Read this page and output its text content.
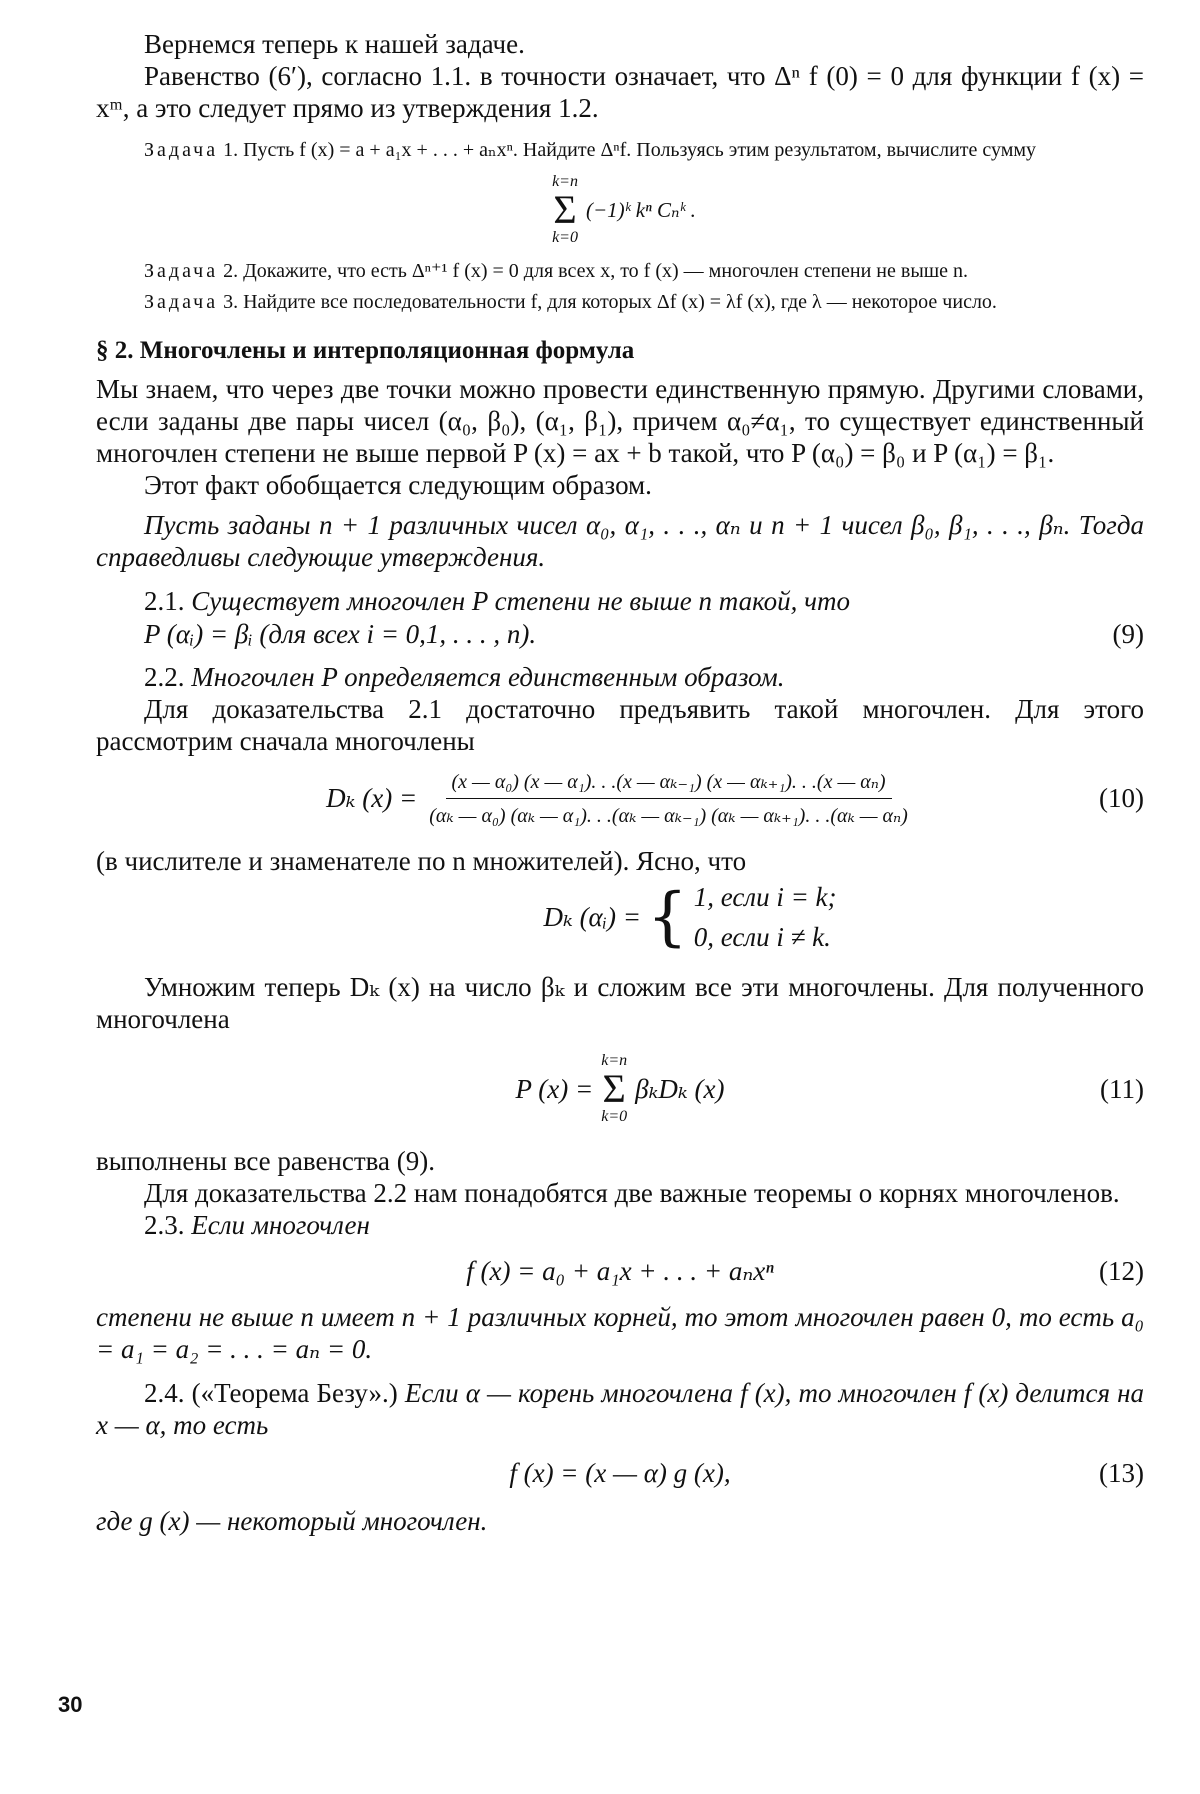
Вернемся теперь к нашей задаче.

Равенство (6′), согласно 1.1. в точности означает, что Δⁿ f (0) = 0 для функции f (x) = xᵐ, а это следует прямо из утверждения 1.2.

Задача 1. Пусть f (x) = a + a₁x + . . . + aₙxⁿ. Найдите Δⁿf. Пользуясь этим результатом, вычислите сумму

k=n
Σ
k=0
(−1)ᵏ kⁿ Cₙᵏ .

Задача 2. Докажите, что есть Δⁿ⁺¹ f (x) = 0 для всех x, то f (x) — многочлен степени не выше n.

Задача 3. Найдите все последовательности f, для которых Δf (x) = λf (x), где λ — некоторое число.

§ 2. Многочлены и интерполяционная формула

Мы знаем, что через две точки можно провести единственную прямую. Другими словами, если заданы две пары чисел (α₀, β₀), (α₁, β₁), причем α₀≠α₁, то существует единственный многочлен степени не выше первой P (x) = ax + b такой, что P (α₀) = β₀ и P (α₁) = β₁.

Этот факт обобщается следующим образом.

Пусть заданы n + 1 различных чисел α₀, α₁, . . ., αₙ и n + 1 чисел β₀, β₁, . . ., βₙ. Тогда справедливы следующие утверждения.

2.1. Существует многочлен P степени не выше n такой, что

P (αᵢ) = βᵢ (для всех i = 0,1, . . . , n).	(9)

2.2. Многочлен P определяется единственным образом.

Для доказательства 2.1 достаточно предъявить такой многочлен. Для этого рассмотрим сначала многочлены

Dₖ (x) =
(x — α₀) (x — α₁). . .(x — αₖ₋₁) (x — αₖ₊₁). . .(x — αₙ)
(αₖ — α₀) (αₖ — α₁). . .(αₖ — αₖ₋₁) (αₖ — αₖ₊₁). . .(αₖ — αₙ)
(10)

(в числителе и знаменателе по n множителей). Ясно, что

Dₖ (αᵢ) = { 1, если i = k;
0, если i ≠ k.

Умножим теперь Dₖ (x) на число βₖ и сложим все эти многочлены. Для полученного многочлена

P (x) =
k=n
Σ
k=0
βₖDₖ (x)	(11)

выполнены все равенства (9).

Для доказательства 2.2 нам понадобятся две важные теоремы о корнях многочленов.

2.3. Если многочлен

f (x) = a₀ + a₁x + . . . + aₙxⁿ	(12)

степени не выше n имеет n + 1 различных корней, то этот многочлен равен 0, то есть a₀ = a₁ = a₂ = . . . = aₙ = 0.

2.4. («Теорема Безу».) Если α — корень многочлена f (x), то многочлен f (x) делится на x — α, то есть

f (x) = (x — α) g (x),	(13)

где g (x) — некоторый многочлен.

30
